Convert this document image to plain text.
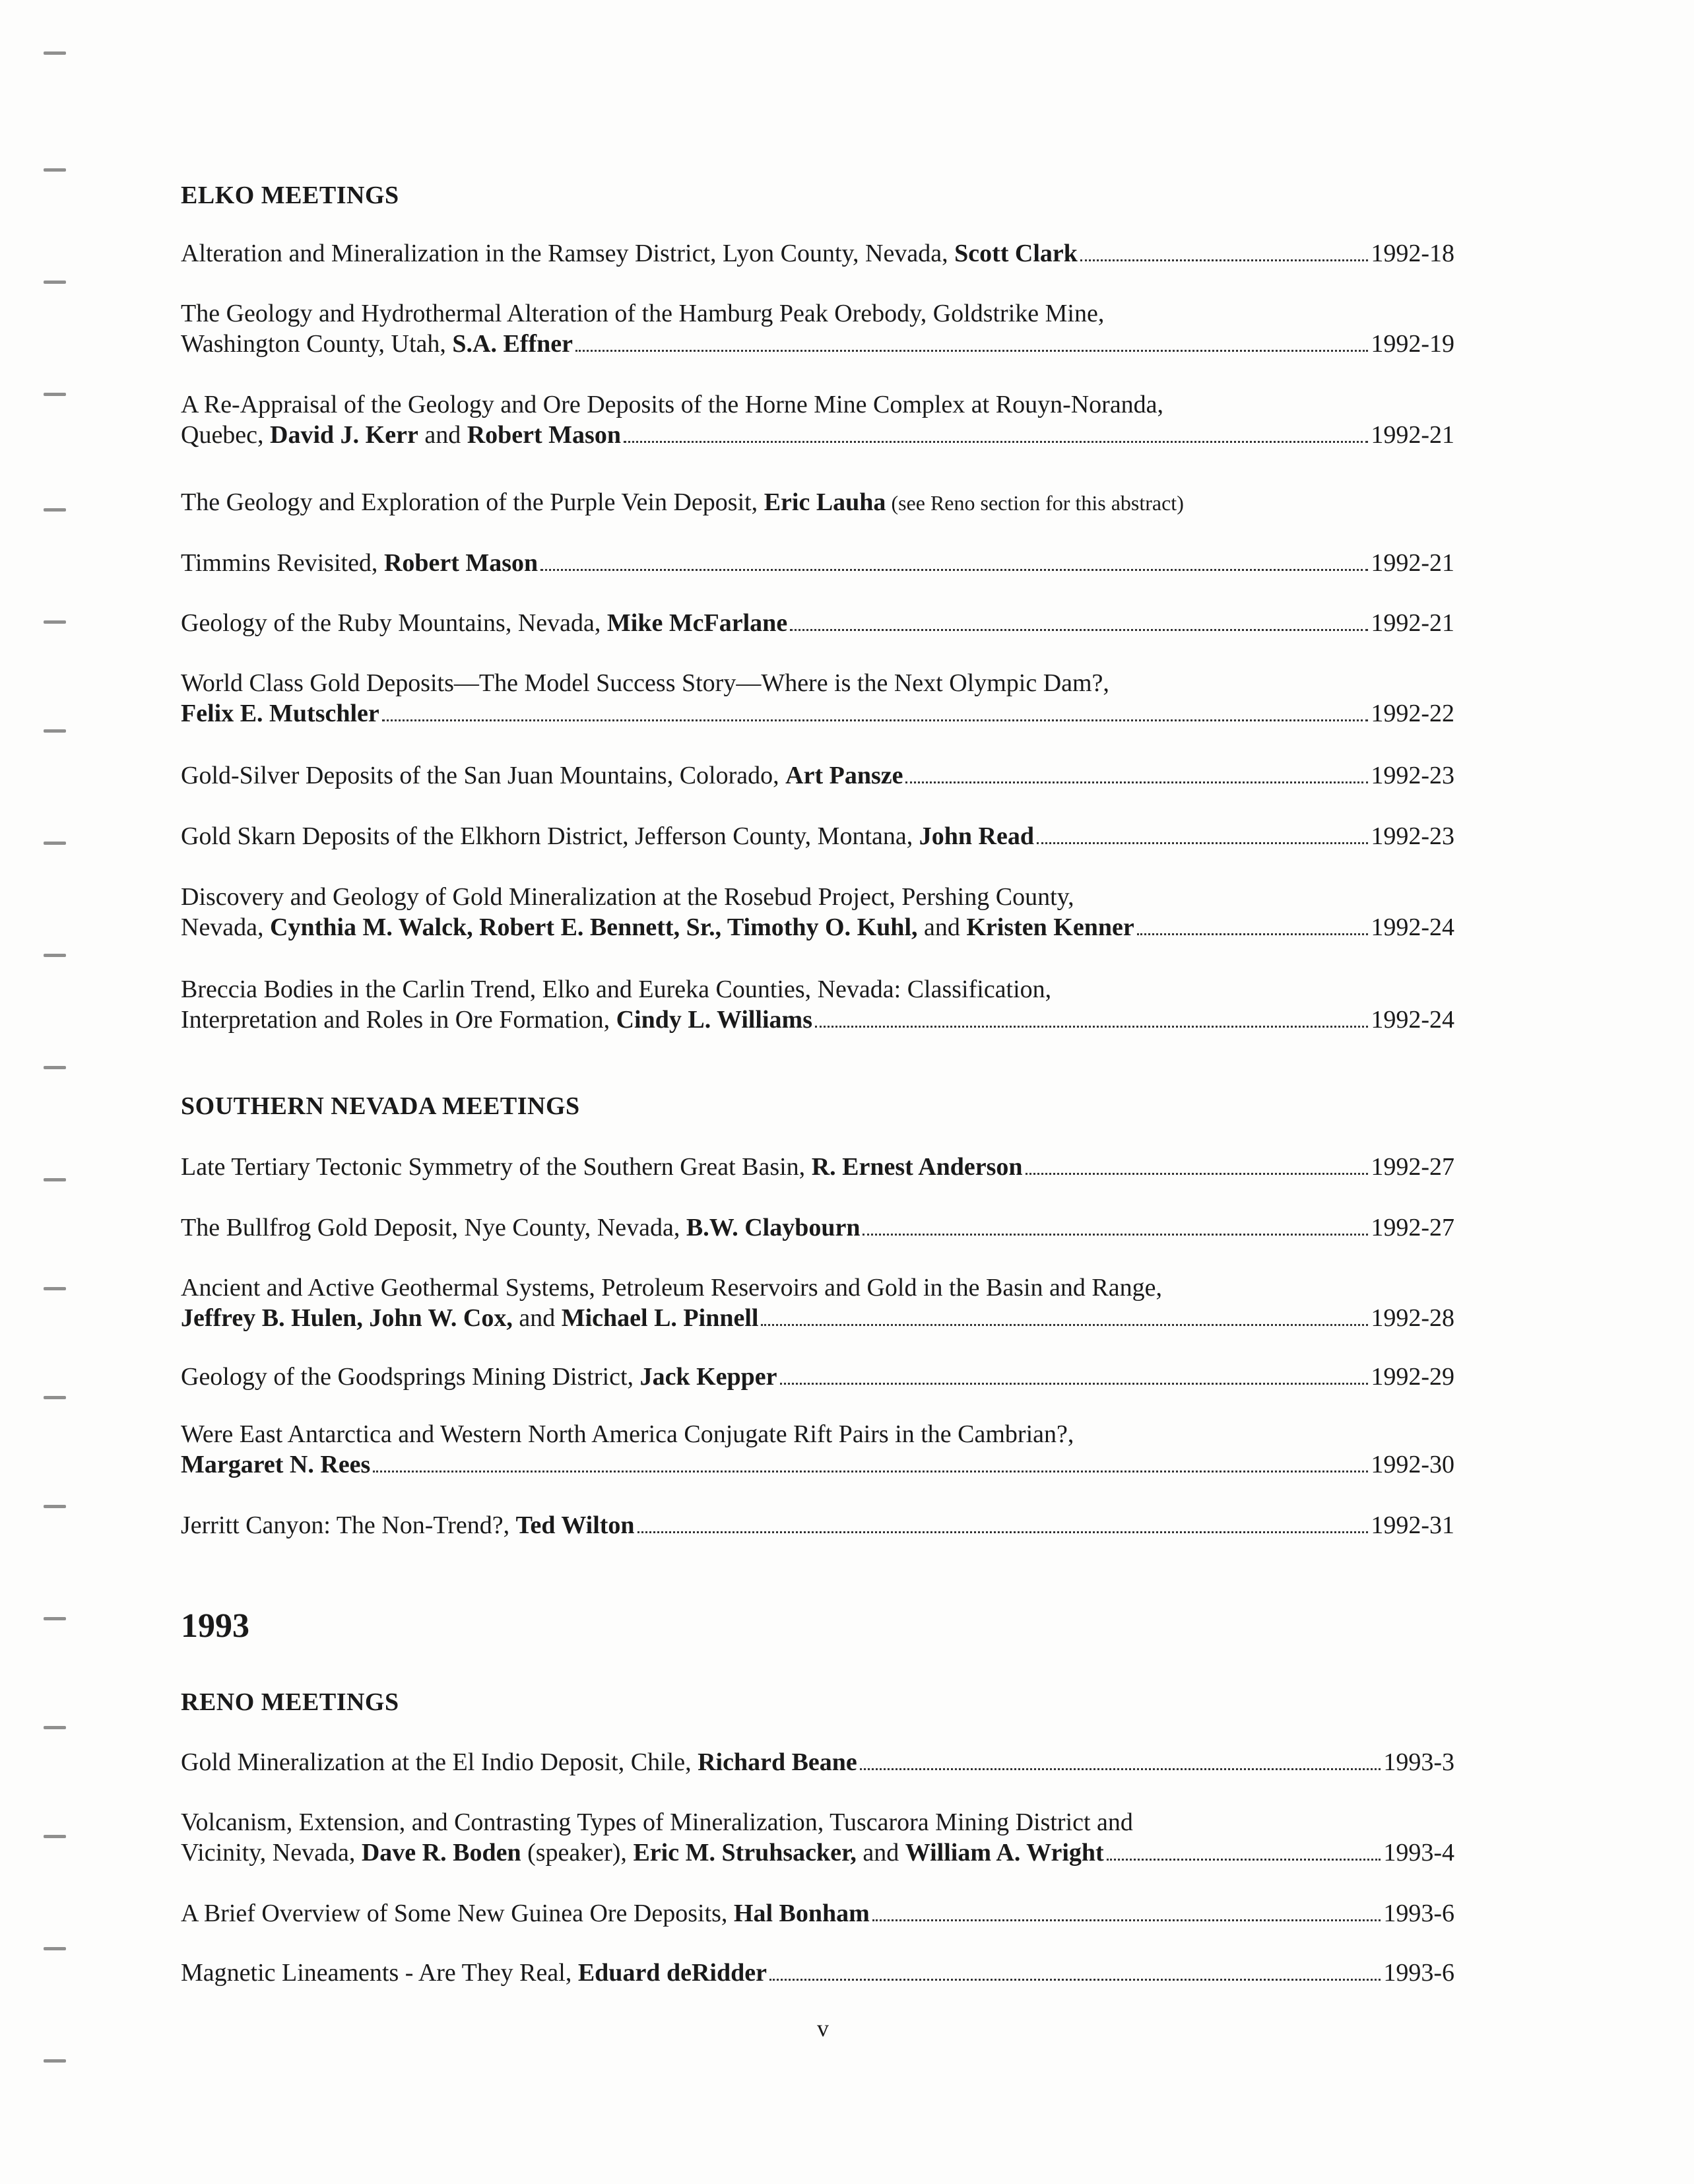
ELKO MEETINGS
Alteration and Mineralization in the Ramsey District, Lyon County, Nevada, Scott Clark	1992-18
The Geology and Hydrothermal Alteration of the Hamburg Peak Orebody, Goldstrike Mine,
Washington County, Utah, S.A. Effner	1992-19
A Re-Appraisal of the Geology and Ore Deposits of the Horne Mine Complex at Rouyn-Noranda,
Quebec, David J. Kerr and Robert Mason	1992-21
The Geology and Exploration of the Purple Vein Deposit, Eric Lauha (see Reno section for this abstract)
Timmins Revisited, Robert Mason	1992-21
Geology of the Ruby Mountains, Nevada, Mike McFarlane	1992-21
World Class Gold Deposits—The Model Success Story—Where is the Next Olympic Dam?,
Felix E. Mutschler	1992-22
Gold-Silver Deposits of the San Juan Mountains, Colorado, Art Pansze	1992-23
Gold Skarn Deposits of the Elkhorn District, Jefferson County, Montana, John Read	1992-23
Discovery and Geology of Gold Mineralization at the Rosebud Project, Pershing County,
Nevada, Cynthia M. Walck, Robert E. Bennett, Sr., Timothy O. Kuhl, and Kristen Kenner	1992-24
Breccia Bodies in the Carlin Trend, Elko and Eureka Counties, Nevada: Classification,
Interpretation and Roles in Ore Formation, Cindy L. Williams	1992-24
SOUTHERN NEVADA MEETINGS
Late Tertiary Tectonic Symmetry of the Southern Great Basin, R. Ernest Anderson	1992-27
The Bullfrog Gold Deposit, Nye County, Nevada, B.W. Claybourn	1992-27
Ancient and Active Geothermal Systems, Petroleum Reservoirs and Gold in the Basin and Range,
Jeffrey B. Hulen, John W. Cox, and Michael L. Pinnell	1992-28
Geology of the Goodsprings Mining District, Jack Kepper	1992-29
Were East Antarctica and Western North America Conjugate Rift Pairs in the Cambrian?,
Margaret N. Rees	1992-30
Jerritt Canyon: The Non-Trend?, Ted Wilton	1992-31
1993
RENO MEETINGS
Gold Mineralization at the El Indio Deposit, Chile, Richard Beane	1993-3
Volcanism, Extension, and Contrasting Types of Mineralization, Tuscarora Mining District and
Vicinity, Nevada, Dave R. Boden (speaker), Eric M. Struhsacker, and William A. Wright	1993-4
A Brief Overview of Some New Guinea Ore Deposits, Hal Bonham	1993-6
Magnetic Lineaments - Are They Real, Eduard deRidder	1993-6
v
